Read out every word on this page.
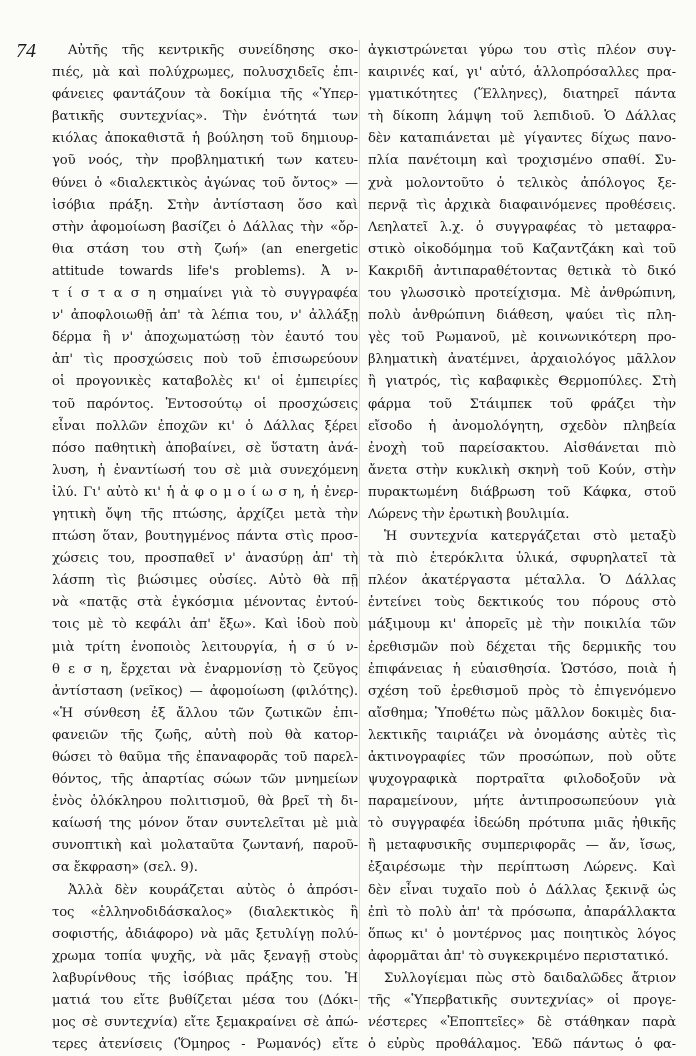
74	Αὐτῆς τῆς κεντρικῆς συνείδησης σκο-
πιές, μὰ καὶ πολύχρωμες, πολυσχιδεῖς ἐπι-
φάνειες φαντάζουν τὰ δοκίμια τῆς «Ὑπερ-
βατικῆς συντεχνίας». Τὴν ἑνότητά των
κιόλας ἀποκαθιστᾶ ἡ βούληση τοῦ δημιουρ-
γοῦ νοός, τὴν προβληματική των κατευ-
θύνει ὁ «διαλεκτικὸς ἀγώνας τοῦ ὄντος» —
ἰσόβια πράξη. Στὴν ἀντίσταση ὅσο καὶ
στὴν ἀφομοίωση βασίζει ὁ Δάλλας τὴν «ὄρ-
θια στάση του στὴ ζωή» (an energetic
attitude towards life's problems). Ἀ ν-
τ ί σ τ α σ η σημαίνει γιὰ τὸ συγγραφέα
ν' ἀποφλοιωθῇ ἀπ' τὰ λέπια του, ν' ἀλλάξῃ
δέρμα ἢ ν' ἀποχωματώσῃ τὸν ἑαυτό του
ἀπ' τὶς προσχώσεις ποὺ τοῦ ἐπισωρεύουν
οἱ προγονικὲς καταβολὲς κι' οἱ ἐμπειρίες
τοῦ παρόντος. Ἐντοσούτῳ οἱ προσχώσεις
εἶναι πολλῶν ἐποχῶν κι' ὁ Δάλλας ξέρει
πόσο παθητικὴ ἀποβαίνει, σὲ ὕστατη ἀνά-
λυση, ἡ ἐναντίωσή του σὲ μιὰ συνεχόμενη
ἰλύ. Γι' αὐτὸ κι' ἡ ἀ φ ο μ ο ί ω σ η, ἡ ἐνερ-
γητικὴ ὄψη τῆς πτώσης, ἀρχίζει μετὰ τὴν
πτώση ὅταν, βουτηγμένος πάντα στὶς προσ-
χώσεις του, προσπαθεῖ ν' ἀνασύρῃ ἀπ' τὴ
λάσπη τὶς βιώσιμες οὐσίες. Αὐτὸ θὰ πῇ
νὰ «πατᾷς στὰ ἐγκόσμια μένοντας ἐντού-
τοις μὲ τὸ κεφάλι ἀπ' ἔξω». Καὶ ἰδοὺ ποὺ
μιὰ τρίτη ἑνοποιὸς λειτουργία, ἡ σ ύ ν-
θ ε σ η, ἔρχεται νὰ ἐναρμονίσῃ τὸ ζεῦγος
ἀντίσταση (νεῖκος) — ἀφομοίωση (φιλότης).
«Ἡ σύνθεση ἐξ ἄλλου τῶν ζωτικῶν ἐπι-
φανειῶν τῆς ζωῆς, αὐτὴ ποὺ θὰ κατορ-
θώσει τὸ θαῦμα τῆς ἐπαναφορᾶς τοῦ παρελ-
θόντος, τῆς ἀπαρτίας σώων τῶν μνημείων
ἑνὸς ὁλόκληρου πολιτισμοῦ, θὰ βρεῖ τὴ δι-
καίωσή της μόνον ὅταν συντελεῖται μὲ μιὰ
συνοπτικὴ καὶ μολαταῦτα ζωντανή, παροῦ-
σα ἔκφραση» (σελ. 9).
Ἀλλὰ δὲν κουράζεται αὐτὸς ὁ ἀπρόσι-
τος «ἑλληνοδιδάσκαλος» (διαλεκτικὸς ἢ
σοφιστής, ἀδιάφορο) νὰ μᾶς ξετυλίγῃ πολύ-
χρωμα τοπία ψυχῆς, νὰ μᾶς ξεναγῇ στοὺς
λαβυρίνθους τῆς ἰσόβιας πράξης του. Ἡ
ματιά του εἴτε βυθίζεται μέσα του (Δόκι-
μος σὲ συντεχνία) εἴτε ξεμακραίνει σὲ ἀπώ-
τερες ἀτενίσεις (Ὅμηρος - Ρωμανός) εἴτε
ἀγκιστρώνεται γύρω του στὶς πλέον συγ-
καιρινές καί, γι' αὐτό, ἀλλοπρόσαλλες πρα-
γματικότητες (Ἕλληνες), διατηρεῖ πάντα
τὴ δίκοπη λάμψη τοῦ λεπιδιοῦ. Ὁ Δάλλας
δὲν καταπιάνεται μὲ γίγαντες δίχως πανο-
πλία πανέτοιμη καὶ τροχισμένο σπαθί. Συ-
χνὰ μολοντοῦτο ὁ τελικὸς ἀπόλογος ξε-
περνᾷ τὶς ἀρχικὰ διαφαινόμενες προθέσεις.
Λεηλατεῖ λ.χ. ὁ συγγραφέας τὸ μεταφρα-
στικὸ οἰκοδόμημα τοῦ Καζαντζάκη καὶ τοῦ
Κακριδῆ ἀντιπαραθέτοντας θετικὰ τὸ δικό
του γλωσσικὸ προτείχισμα. Μὲ ἀνθρώπινη,
πολὺ ἀνθρώπινη διάθεση, ψαύει τὶς πλη-
γὲς τοῦ Ρωμανοῦ, μὲ κοινωνικότερη προ-
βληματικὴ ἀνατέμνει, ἀρχαιολόγος μᾶλλον
ἢ γιατρός, τὶς καβαφικὲς Θερμοπύλες. Στὴ
φάρμα τοῦ Στάιμπεκ τοῦ φράζει τὴν
εἴσοδο ἡ ἀνομολόγητη, σχεδὸν πληβεία
ἐνοχὴ τοῦ παρείσακτου. Αἰσθάνεται πιὸ
ἄνετα στὴν κυκλικὴ σκηνὴ τοῦ Κούν, στὴν
πυρακτωμένη διάβρωση τοῦ Κάφκα, στοῦ
Λώρενς τὴν ἐρωτικὴ βουλιμία.
Ἡ συντεχνία κατεργάζεται στὸ μεταξὺ
τὰ πιὸ ἑτερόκλιτα ὑλικά, σφυρηλατεῖ τὰ
πλέον ἀκατέργαστα μέταλλα. Ὁ Δάλλας
ἐντείνει τοὺς δεκτικούς του πόρους στὸ
μάξιμουμ κι' ἀπορεῖς μὲ τὴν ποικιλία τῶν
ἐρεθισμῶν ποὺ δέχεται τῆς δερμικῆς του
ἐπιφάνειας ἡ εὐαισθησία. Ὡστόσο, ποιὰ ἡ
σχέση τοῦ ἐρεθισμοῦ πρὸς τὸ ἐπιγενόμενο
αἴσθημα; Ὑποθέτω πὼς μᾶλλον δοκιμὲς δια-
λεκτικῆς ταιριάζει νὰ ὀνομάσης αὐτὲς τὶς
ἀκτινογραφίες τῶν προσώπων, ποὺ οὔτε
ψυχογραφικὰ πορτραῖτα φιλοδοξοῦν νὰ
παραμείνουν, μήτε ἀντιπροσωπεύουν γιὰ
τὸ συγγραφέα ἰδεώδη πρότυπα μιᾶς ἠθικῆς
ἢ μεταφυσικῆς συμπεριφορᾶς — ἄν, ἴσως,
ἐξαιρέσωμε τὴν περίπτωση Λώρενς. Καὶ
δὲν εἶναι τυχαῖο ποὺ ὁ Δάλλας ξεκινᾷ ὡς
ἐπὶ τὸ πολὺ ἀπ' τὰ πρόσωπα, ἀπαράλλακτα
ὅπως κι' ὁ μοντέρνος μας ποιητικὸς λόγος
ἀφορμᾶται ἀπ' τὸ συγκεκριμένο περιστατικό.
Συλλογίεμαι πὼς στὸ δαιδαλῶδες ἄτριον
τῆς «Ὑπερβατικῆς συντεχνίας» οἱ προγε-
νέστερες «Ἐποπτεῖες» δὲ στάθηκαν παρὰ
ὁ εὐρὺς προθάλαμος. Ἐδῶ πάντως ὁ φα-
